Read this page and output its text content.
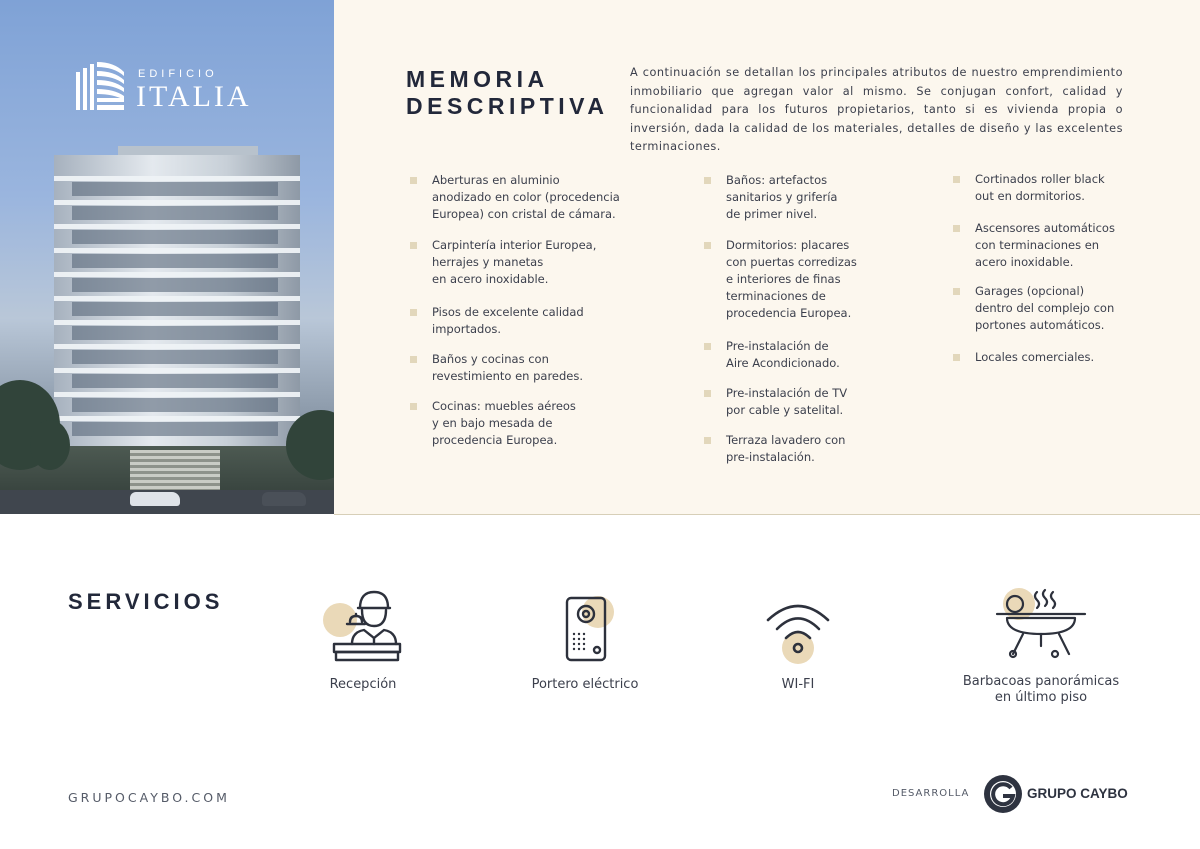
EDIFICIO
ITALIA
MEMORIA
DESCRIPTIVA

A continuación se detallan los principales atributos de nuestro emprendimiento inmobiliario que agregan valor al mismo. Se conjugan confort, calidad y funcionalidad para los futuros propietarios, tanto si es vivienda propia o inversión, dada la calidad de los materiales, detalles de diseño y las excelentes terminaciones.

Aberturas en aluminio
anodizado en color (procedencia
Europea) con cristal de cámara.
Carpintería interior Europea,
herrajes y manetas
en acero inoxidable.
Pisos de excelente calidad
importados.
Baños y cocinas con
revestimiento en paredes.
Cocinas: muebles aéreos
y en bajo mesada de
procedencia Europea.
Baños: artefactos
sanitarios y grifería
de primer nivel.
Dormitorios: placares
con puertas corredizas
e interiores de finas
terminaciones de
procedencia Europea.
Pre-instalación de
Aire Acondicionado.
Pre-instalación de TV
por cable y satelital.
Terraza lavadero con
pre-instalación.
Cortinados roller black
out en dormitorios.
Ascensores automáticos
con terminaciones en
acero inoxidable.
Garages (opcional)
dentro del complejo con
portones automáticos.
Locales comerciales.
SERVICIOS
Recepción	Portero eléctrico	WI-FI	Barbacoas panorámicas
en último piso
GRUPOCAYBO.COM	DESARROLLA	GRUPO CAYBO
